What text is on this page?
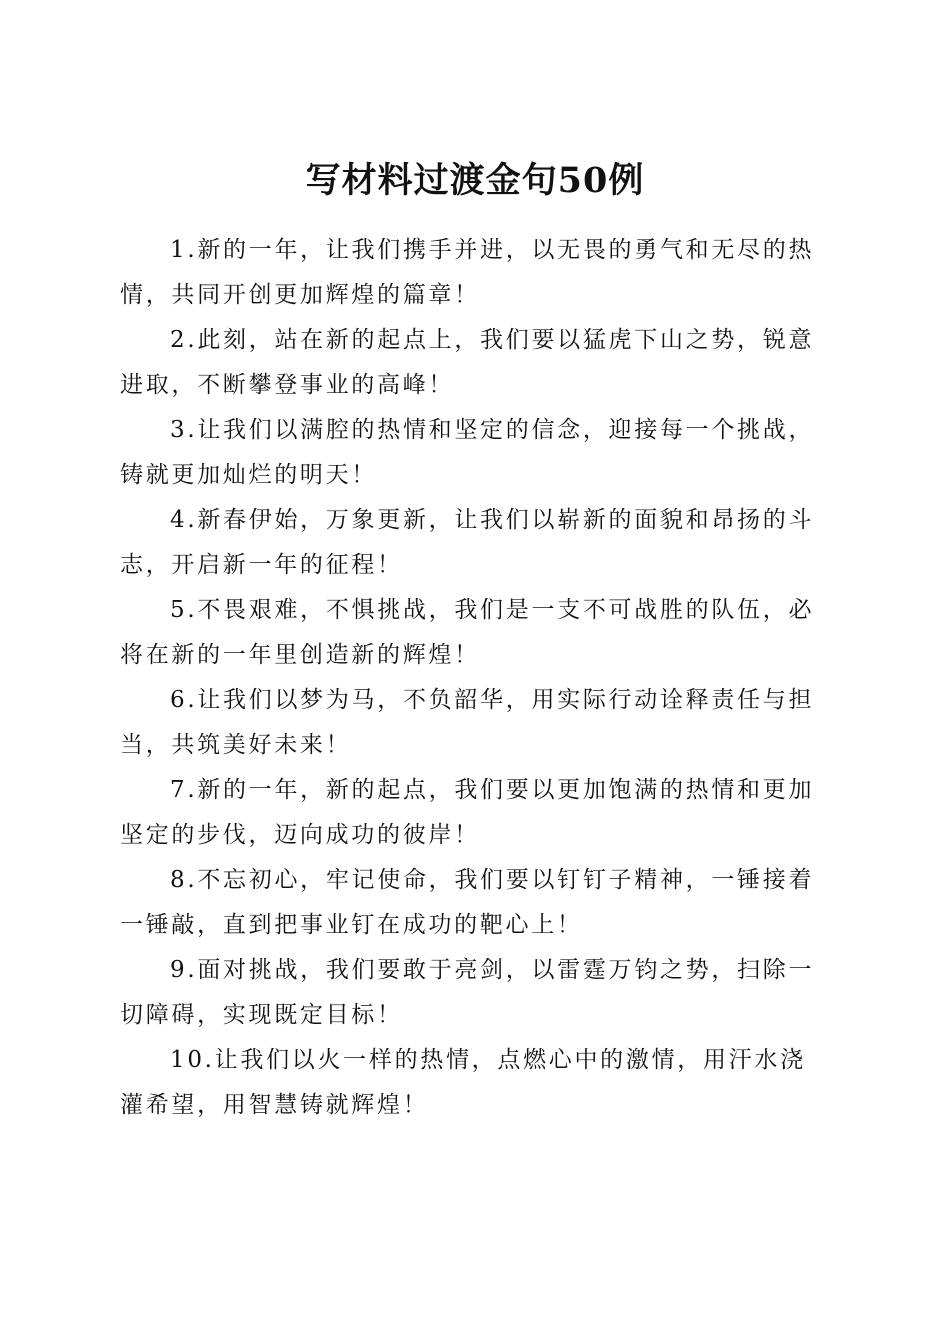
写材料过渡金句50例

1.新的一年，让我们携手并进，以无畏的勇气和无尽的热情，共同开创更加辉煌的篇章！

2.此刻，站在新的起点上，我们要以猛虎下山之势，锐意进取，不断攀登事业的高峰！

3.让我们以满腔的热情和坚定的信念，迎接每一个挑战，铸就更加灿烂的明天！

4.新春伊始，万象更新，让我们以崭新的面貌和昂扬的斗志，开启新一年的征程！

5.不畏艰难，不惧挑战，我们是一支不可战胜的队伍，必将在新的一年里创造新的辉煌！

6.让我们以梦为马，不负韶华，用实际行动诠释责任与担当，共筑美好未来！

7.新的一年，新的起点，我们要以更加饱满的热情和更加坚定的步伐，迈向成功的彼岸！

8.不忘初心，牢记使命，我们要以钉钉子精神，一锤接着一锤敲，直到把事业钉在成功的靶心上！

9.面对挑战，我们要敢于亮剑，以雷霆万钧之势，扫除一切障碍，实现既定目标！

10.让我们以火一样的热情，点燃心中的激情，用汗水浇灌希望，用智慧铸就辉煌！
